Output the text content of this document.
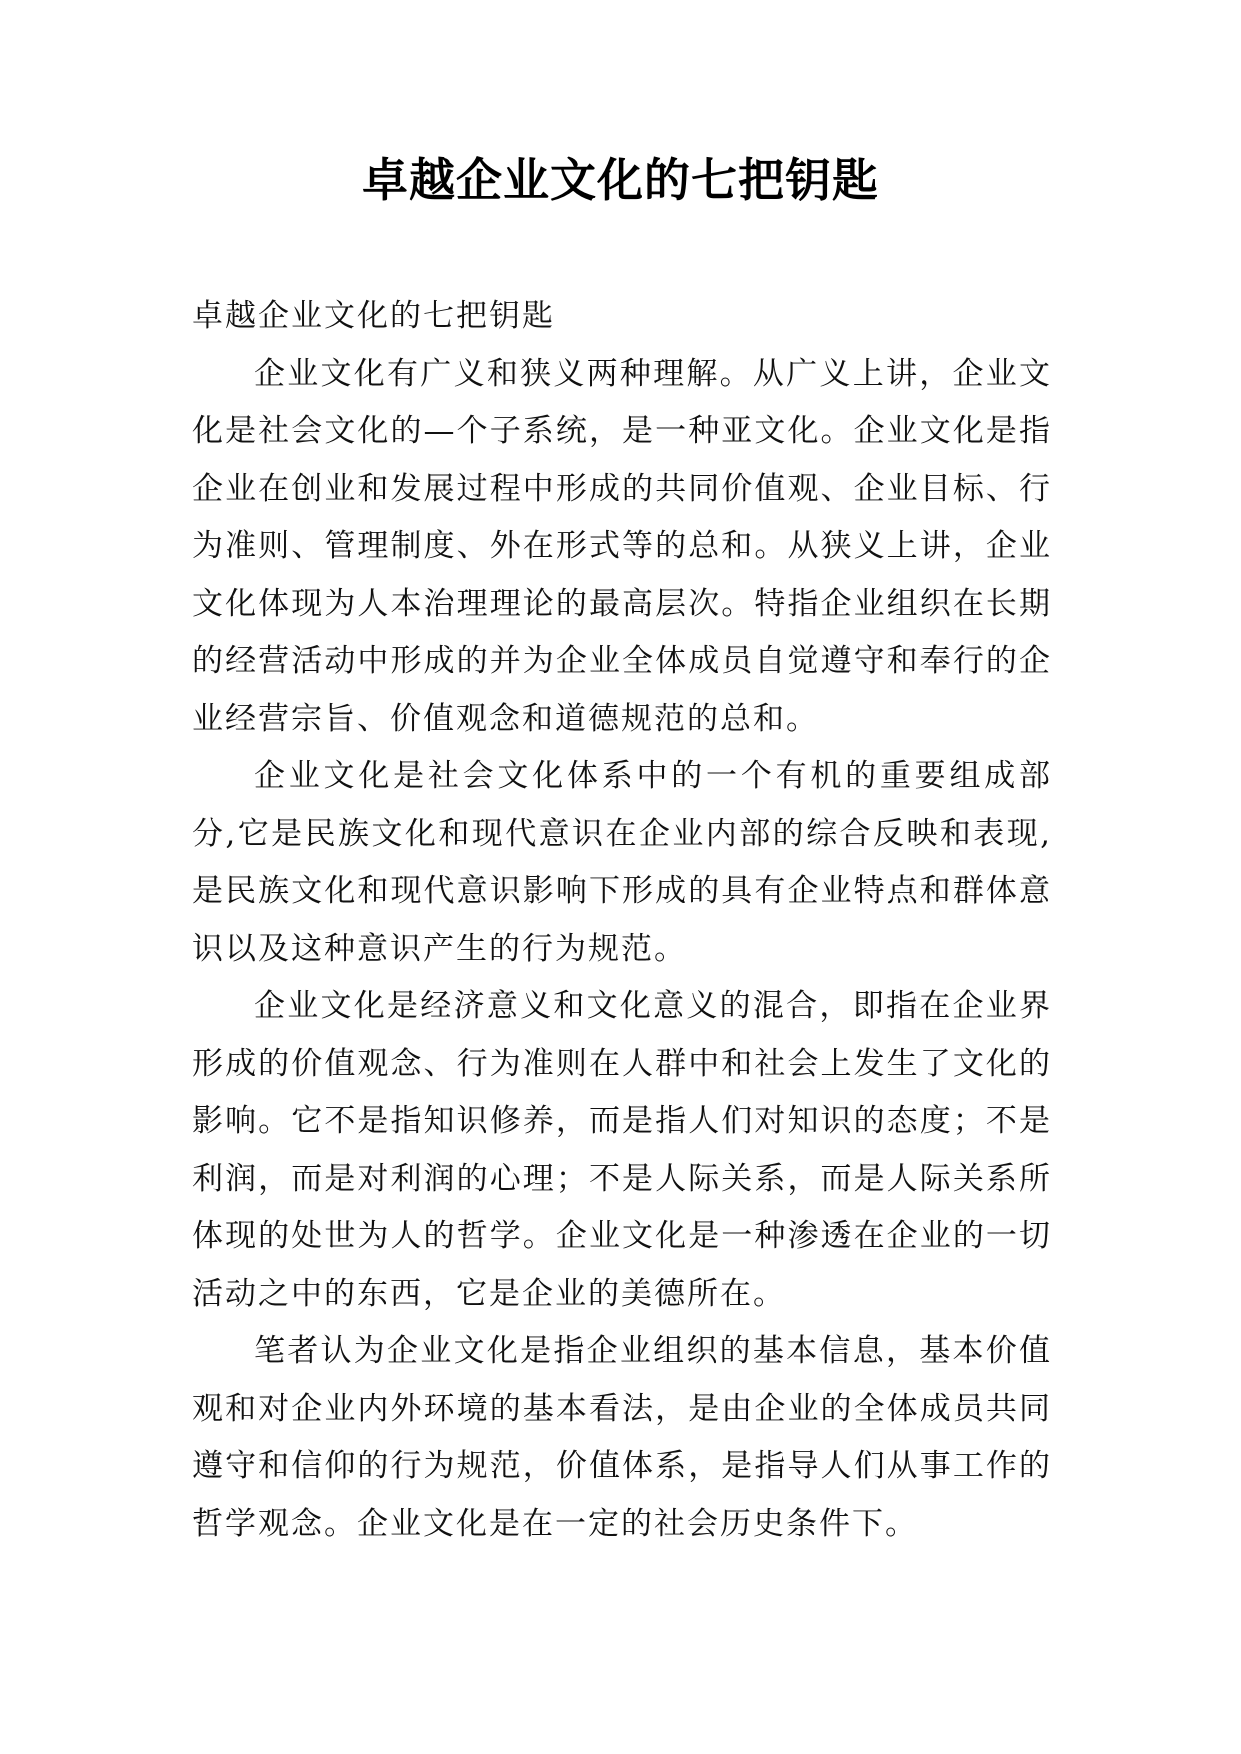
卓越企业文化的七把钥匙

卓越企业文化的七把钥匙

企业文化有广义和狭义两种理解。从广义上讲，企业文化是社会文化的—个子系统，是一种亚文化。企业文化是指企业在创业和发展过程中形成的共同价值观、企业目标、行为准则、管理制度、外在形式等的总和。从狭义上讲，企业文化体现为人本治理理论的最高层次。特指企业组织在长期的经营活动中形成的并为企业全体成员自觉遵守和奉行的企业经营宗旨、价值观念和道德规范的总和。

企业文化是社会文化体系中的一个有机的重要组成部分,它是民族文化和现代意识在企业内部的综合反映和表现,是民族文化和现代意识影响下形成的具有企业特点和群体意识以及这种意识产生的行为规范。

企业文化是经济意义和文化意义的混合，即指在企业界形成的价值观念、行为准则在人群中和社会上发生了文化的影响。它不是指知识修养，而是指人们对知识的态度；不是利润，而是对利润的心理；不是人际关系，而是人际关系所体现的处世为人的哲学。企业文化是一种渗透在企业的一切活动之中的东西，它是企业的美德所在。

笔者认为企业文化是指企业组织的基本信息，基本价值观和对企业内外环境的基本看法，是由企业的全体成员共同遵守和信仰的行为规范，价值体系，是指导人们从事工作的哲学观念。企业文化是在一定的社会历史条件下。
